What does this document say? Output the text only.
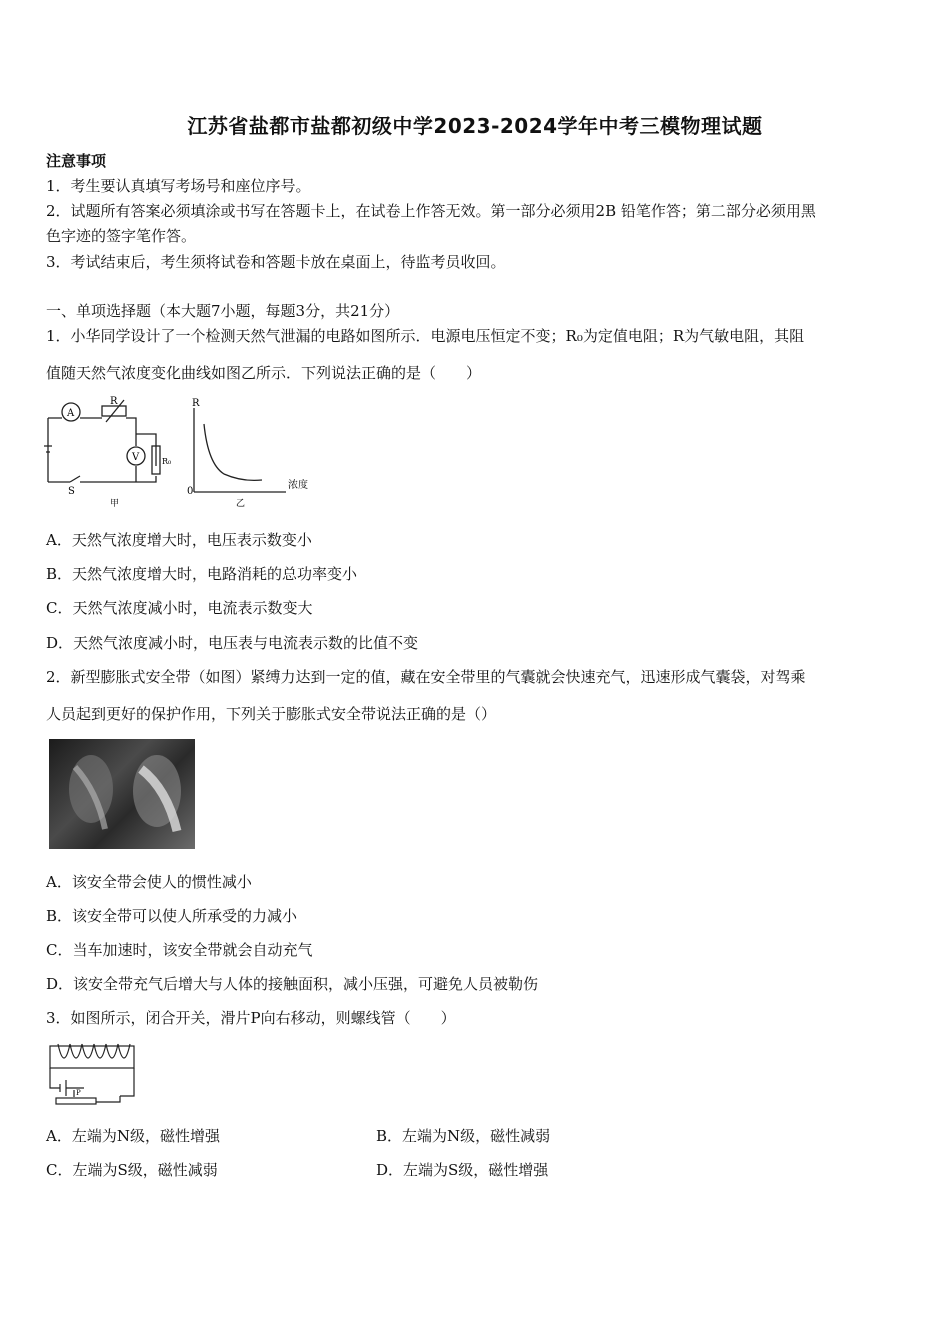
江苏省盐都市盐都初级中学2023-2024学年中考三模物理试题
注意事项
1．考生要认真填写考场号和座位序号。
2．试题所有答案必须填涂或书写在答题卡上，在试卷上作答无效。第一部分必须用2B 铅笔作答；第二部分必须用黑
色字迹的签字笔作答。
3．考试结束后，考生须将试卷和答题卡放在桌面上，待监考员收回。
一、单项选择题（本大题7小题，每题3分，共21分）
1．小华同学设计了一个检测天然气泄漏的电路如图所示．电源电压恒定不变；R₀为定值电阻；R为气敏电阻，其阻
值随天然气浓度变化曲线如图乙所示．下列说法正确的是（　　）
A
V
R
R₀
S
甲
R
0
浓度
乙
A．天然气浓度增大时，电压表示数变小
B．天然气浓度增大时，电路消耗的总功率变小
C．天然气浓度减小时，电流表示数变大
D．天然气浓度减小时，电压表与电流表示数的比值不变
2．新型膨胀式安全带（如图）紧缚力达到一定的值，藏在安全带里的气囊就会快速充气，迅速形成气囊袋，对驾乘
人员起到更好的保护作用，下列关于膨胀式安全带说法正确的是（）
A．该安全带会使人的惯性减小
B．该安全带可以使人所承受的力减小
C．当车加速时，该安全带就会自动充气
D．该安全带充气后增大与人体的接触面积，减小压强，可避免人员被勒伤
3．如图所示，闭合开关，滑片P向右移动，则螺线管（　　）
P
A．左端为N级，磁性增强	B．左端为N级，磁性减弱
C．左端为S级，磁性减弱	D．左端为S级，磁性增强
